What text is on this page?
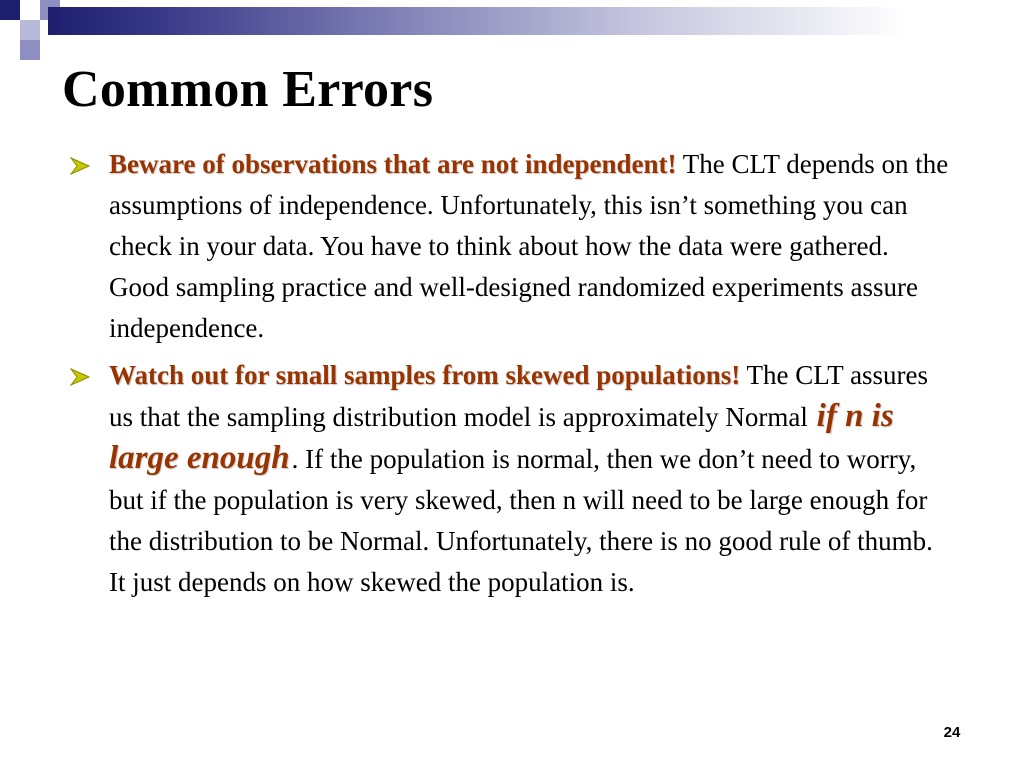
Common Errors
Beware of observations that are not independent! The CLT depends on the assumptions of independence. Unfortunately, this isn’t something you can check in your data. You have to think about how the data were gathered. Good sampling practice and well-designed randomized experiments assure independence.
Watch out for small samples from skewed populations! The CLT assures us that the sampling distribution model is approximately Normal if n is large enough. If the population is normal, then we don’t need to worry, but if the population is very skewed, then n will need to be large enough for the distribution to be Normal. Unfortunately, there is no good rule of thumb. It just depends on how skewed the population is.
24
